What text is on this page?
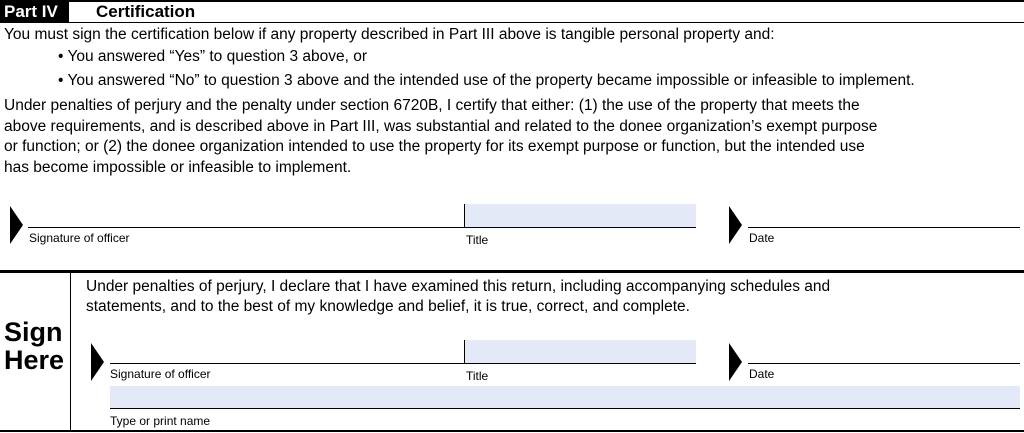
Part IV	Certification
You must sign the certification below if any property described in Part III above is tangible personal property and:
• You answered “Yes” to question 3 above, or
• You answered “No” to question 3 above and the intended use of the property became impossible or infeasible to implement.
Under penalties of perjury and the penalty under section 6720B, I certify that either: (1) the use of the property that meets the
above requirements, and is described above in Part III, was substantial and related to the donee organization’s exempt purpose
or function; or (2) the donee organization intended to use the property for its exempt purpose or function, but the intended use
has become impossible or infeasible to implement.
Signature of officer	Title	Date
Sign
Here
Under penalties of perjury, I declare that I have examined this return, including accompanying schedules and
statements, and to the best of my knowledge and belief, it is true, correct, and complete.
Signature of officer	Title	Date
Type or print name
